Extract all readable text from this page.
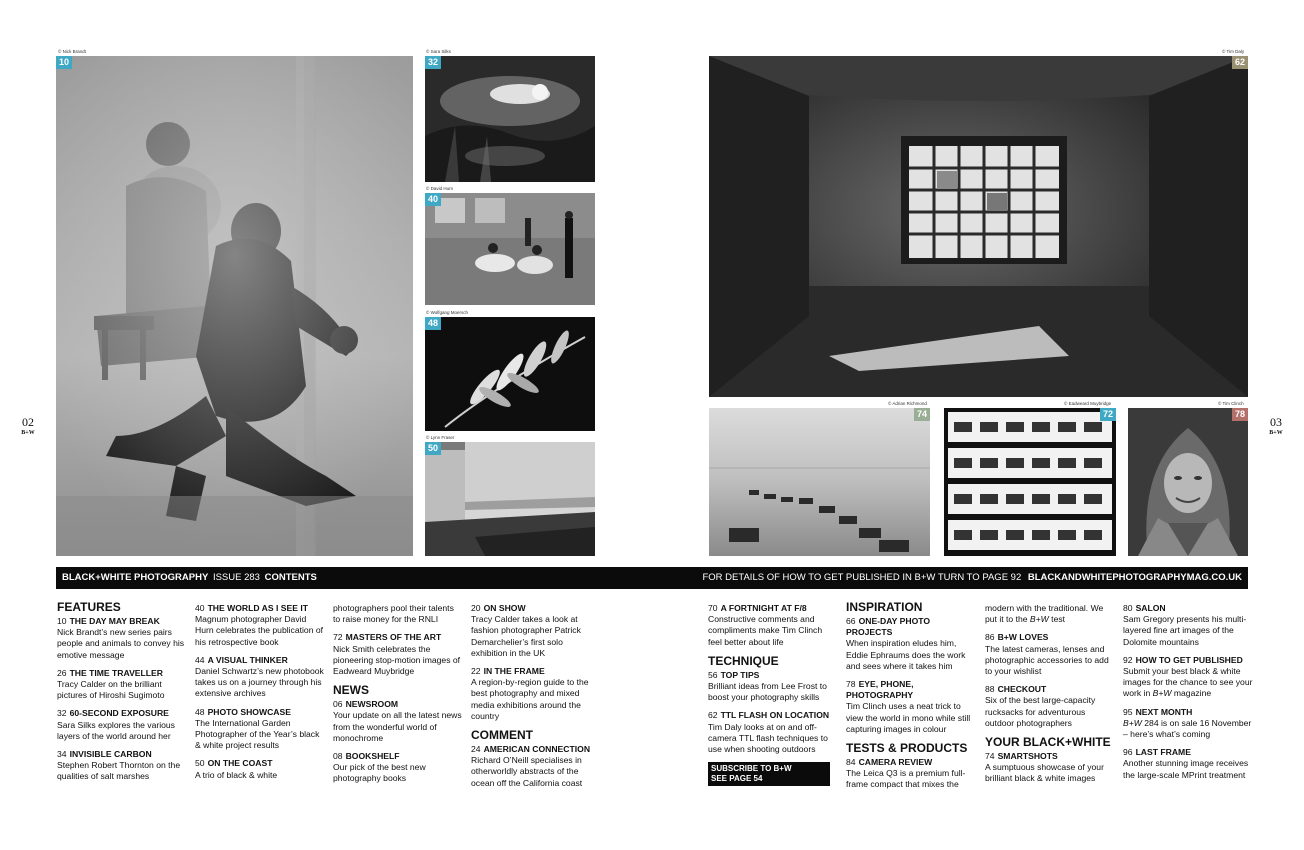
02
B+W
03
B+W
© Nick Brandt
10
© Sara Silks
32
© David Hurn
40
© Wolfgang Moersch
48
© Lynn Fraser
50
© Tim Daly
62
© Adrian Richmond
74
© Eadweard Muybridge
72
© Tim Clinch
78
BLACK+WHITE PHOTOGRAPHY ISSUE 283 CONTENTS	FOR DETAILS OF HOW TO GET PUBLISHED IN B+W TURN TO PAGE 92 BLACKANDWHITEPHOTOGRAPHYMAG.CO.UK
FEATURES
10 THE DAY MAY BREAK
Nick Brandt’s new series pairs people and animals to convey his emotive message
26 THE TIME TRAVELLER
Tracy Calder on the brilliant pictures of Hiroshi Sugimoto
32 60-SECOND EXPOSURE
Sara Silks explores the various layers of the world around her
34 INVISIBLE CARBON
Stephen Robert Thornton on the qualities of salt marshes
40 THE WORLD AS I SEE IT
Magnum photographer David Hurn celebrates the publication of his retrospective book
44 A VISUAL THINKER
Daniel Schwartz’s new photobook takes us on a journey through his extensive archives
48 PHOTO SHOWCASE
The International Garden Photographer of the Year’s black & white project results
50 ON THE COAST
A trio of black & white
photographers pool their talents to raise money for the RNLI
72 MASTERS OF THE ART
Nick Smith celebrates the pioneering stop-motion images of Eadweard Muybridge
NEWS
06 NEWSROOM
Your update on all the latest news from the wonderful world of monochrome
08 BOOKSHELF
Our pick of the best new photography books
20 ON SHOW
Tracy Calder takes a look at fashion photographer Patrick Demarchelier’s first solo exhibition in the UK
22 IN THE FRAME
A region-by-region guide to the best photography and mixed media exhibitions around the country
COMMENT
24 AMERICAN CONNECTION
Richard O’Neill specialises in otherworldly abstracts of the ocean off the California coast
70 A FORTNIGHT AT F/8
Constructive comments and compliments make Tim Clinch feel better about life
TECHNIQUE
56 TOP TIPS
Brilliant ideas from Lee Frost to boost your photography skills
62 TTL FLASH ON LOCATION
Tim Daly looks at on and off-camera TTL flash techniques to use when shooting outdoors
SUBSCRIBE TO B+W
SEE PAGE 54
INSPIRATION
66 ONE-DAY PHOTO PROJECTS
When inspiration eludes him, Eddie Ephraums does the work and sees where it takes him
78 EYE, PHONE, PHOTOGRAPHY
Tim Clinch uses a neat trick to view the world in mono while still capturing images in colour
TESTS & PRODUCTS
84 CAMERA REVIEW
The Leica Q3 is a premium full-frame compact that mixes the
modern with the traditional. We put it to the B+W test
86 B+W LOVES
The latest cameras, lenses and photographic accessories to add to your wishlist
88 CHECKOUT
Six of the best large-capacity rucksacks for adventurous outdoor photographers
YOUR BLACK+WHITE
74 SMARTSHOTS
A sumptuous showcase of your brilliant black & white images
80 SALON
Sam Gregory presents his multi-layered fine art images of the Dolomite mountains
92 HOW TO GET PUBLISHED
Submit your best black & white images for the chance to see your work in B+W magazine
95 NEXT MONTH
B+W 284 is on sale 16 November – here’s what’s coming
96 LAST FRAME
Another stunning image receives the large-scale MPrint treatment
